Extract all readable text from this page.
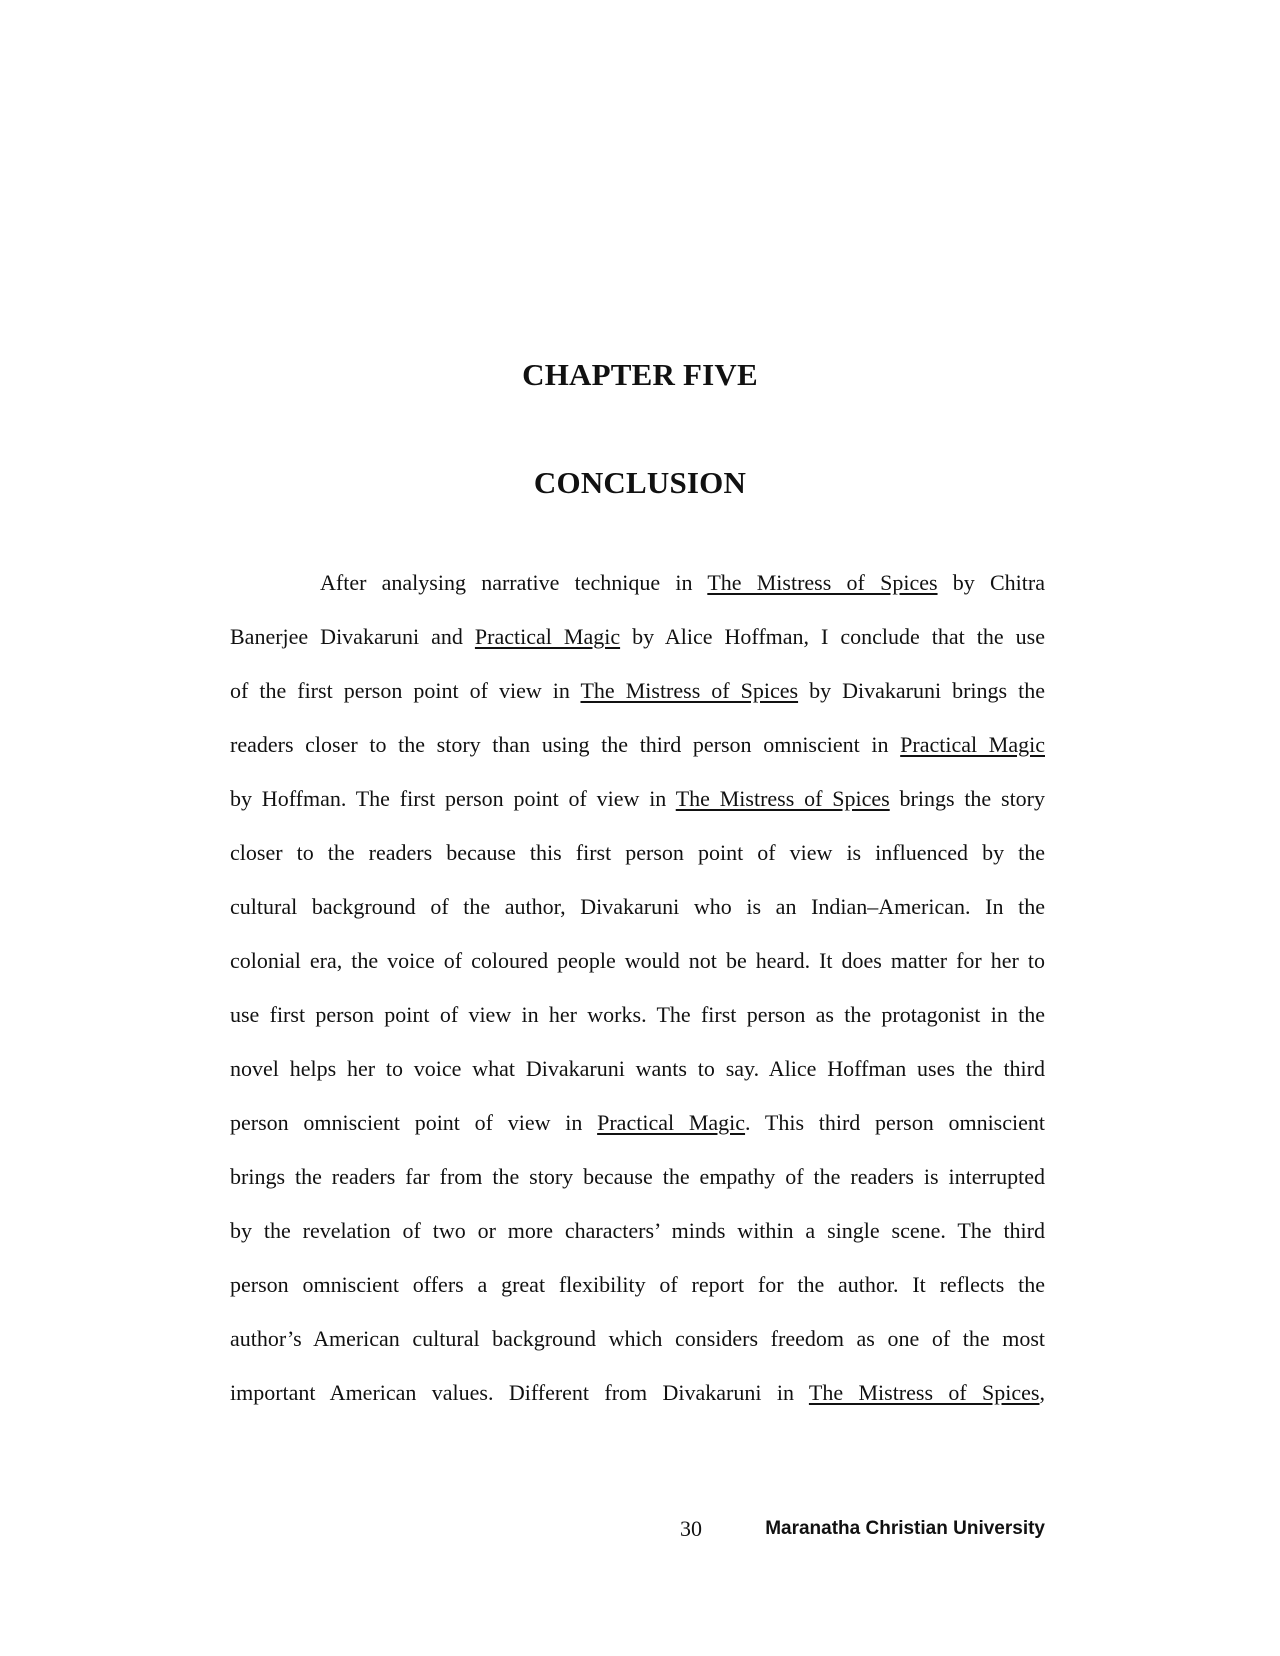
CHAPTER FIVE
CONCLUSION
After analysing narrative technique in The Mistress of Spices by Chitra
Banerjee Divakaruni and Practical Magic by Alice Hoffman, I conclude that the use
of the first person point of view in The Mistress of Spices by Divakaruni brings the
readers closer to the story than using the third person omniscient in Practical Magic
by Hoffman. The first person point of view in The Mistress of Spices brings the story
closer to the readers because this first person point of view is influenced by the
cultural background of the author, Divakaruni who is an Indian–American. In the
colonial era, the voice of coloured people would not be heard. It does matter for her to
use first person point of view in her works. The first person as the protagonist in the
novel helps her to voice what Divakaruni wants to say. Alice Hoffman uses the third
person omniscient point of view in Practical Magic. This third person omniscient
brings the readers far from the story because the empathy of the readers is interrupted
by the revelation of two or more characters’ minds within a single scene. The third
person omniscient offers a great flexibility of report for the author. It reflects the
author’s American cultural background which considers freedom as one of the most
important American values. Different from Divakaruni in The Mistress of Spices,
30	Maranatha Christian University
